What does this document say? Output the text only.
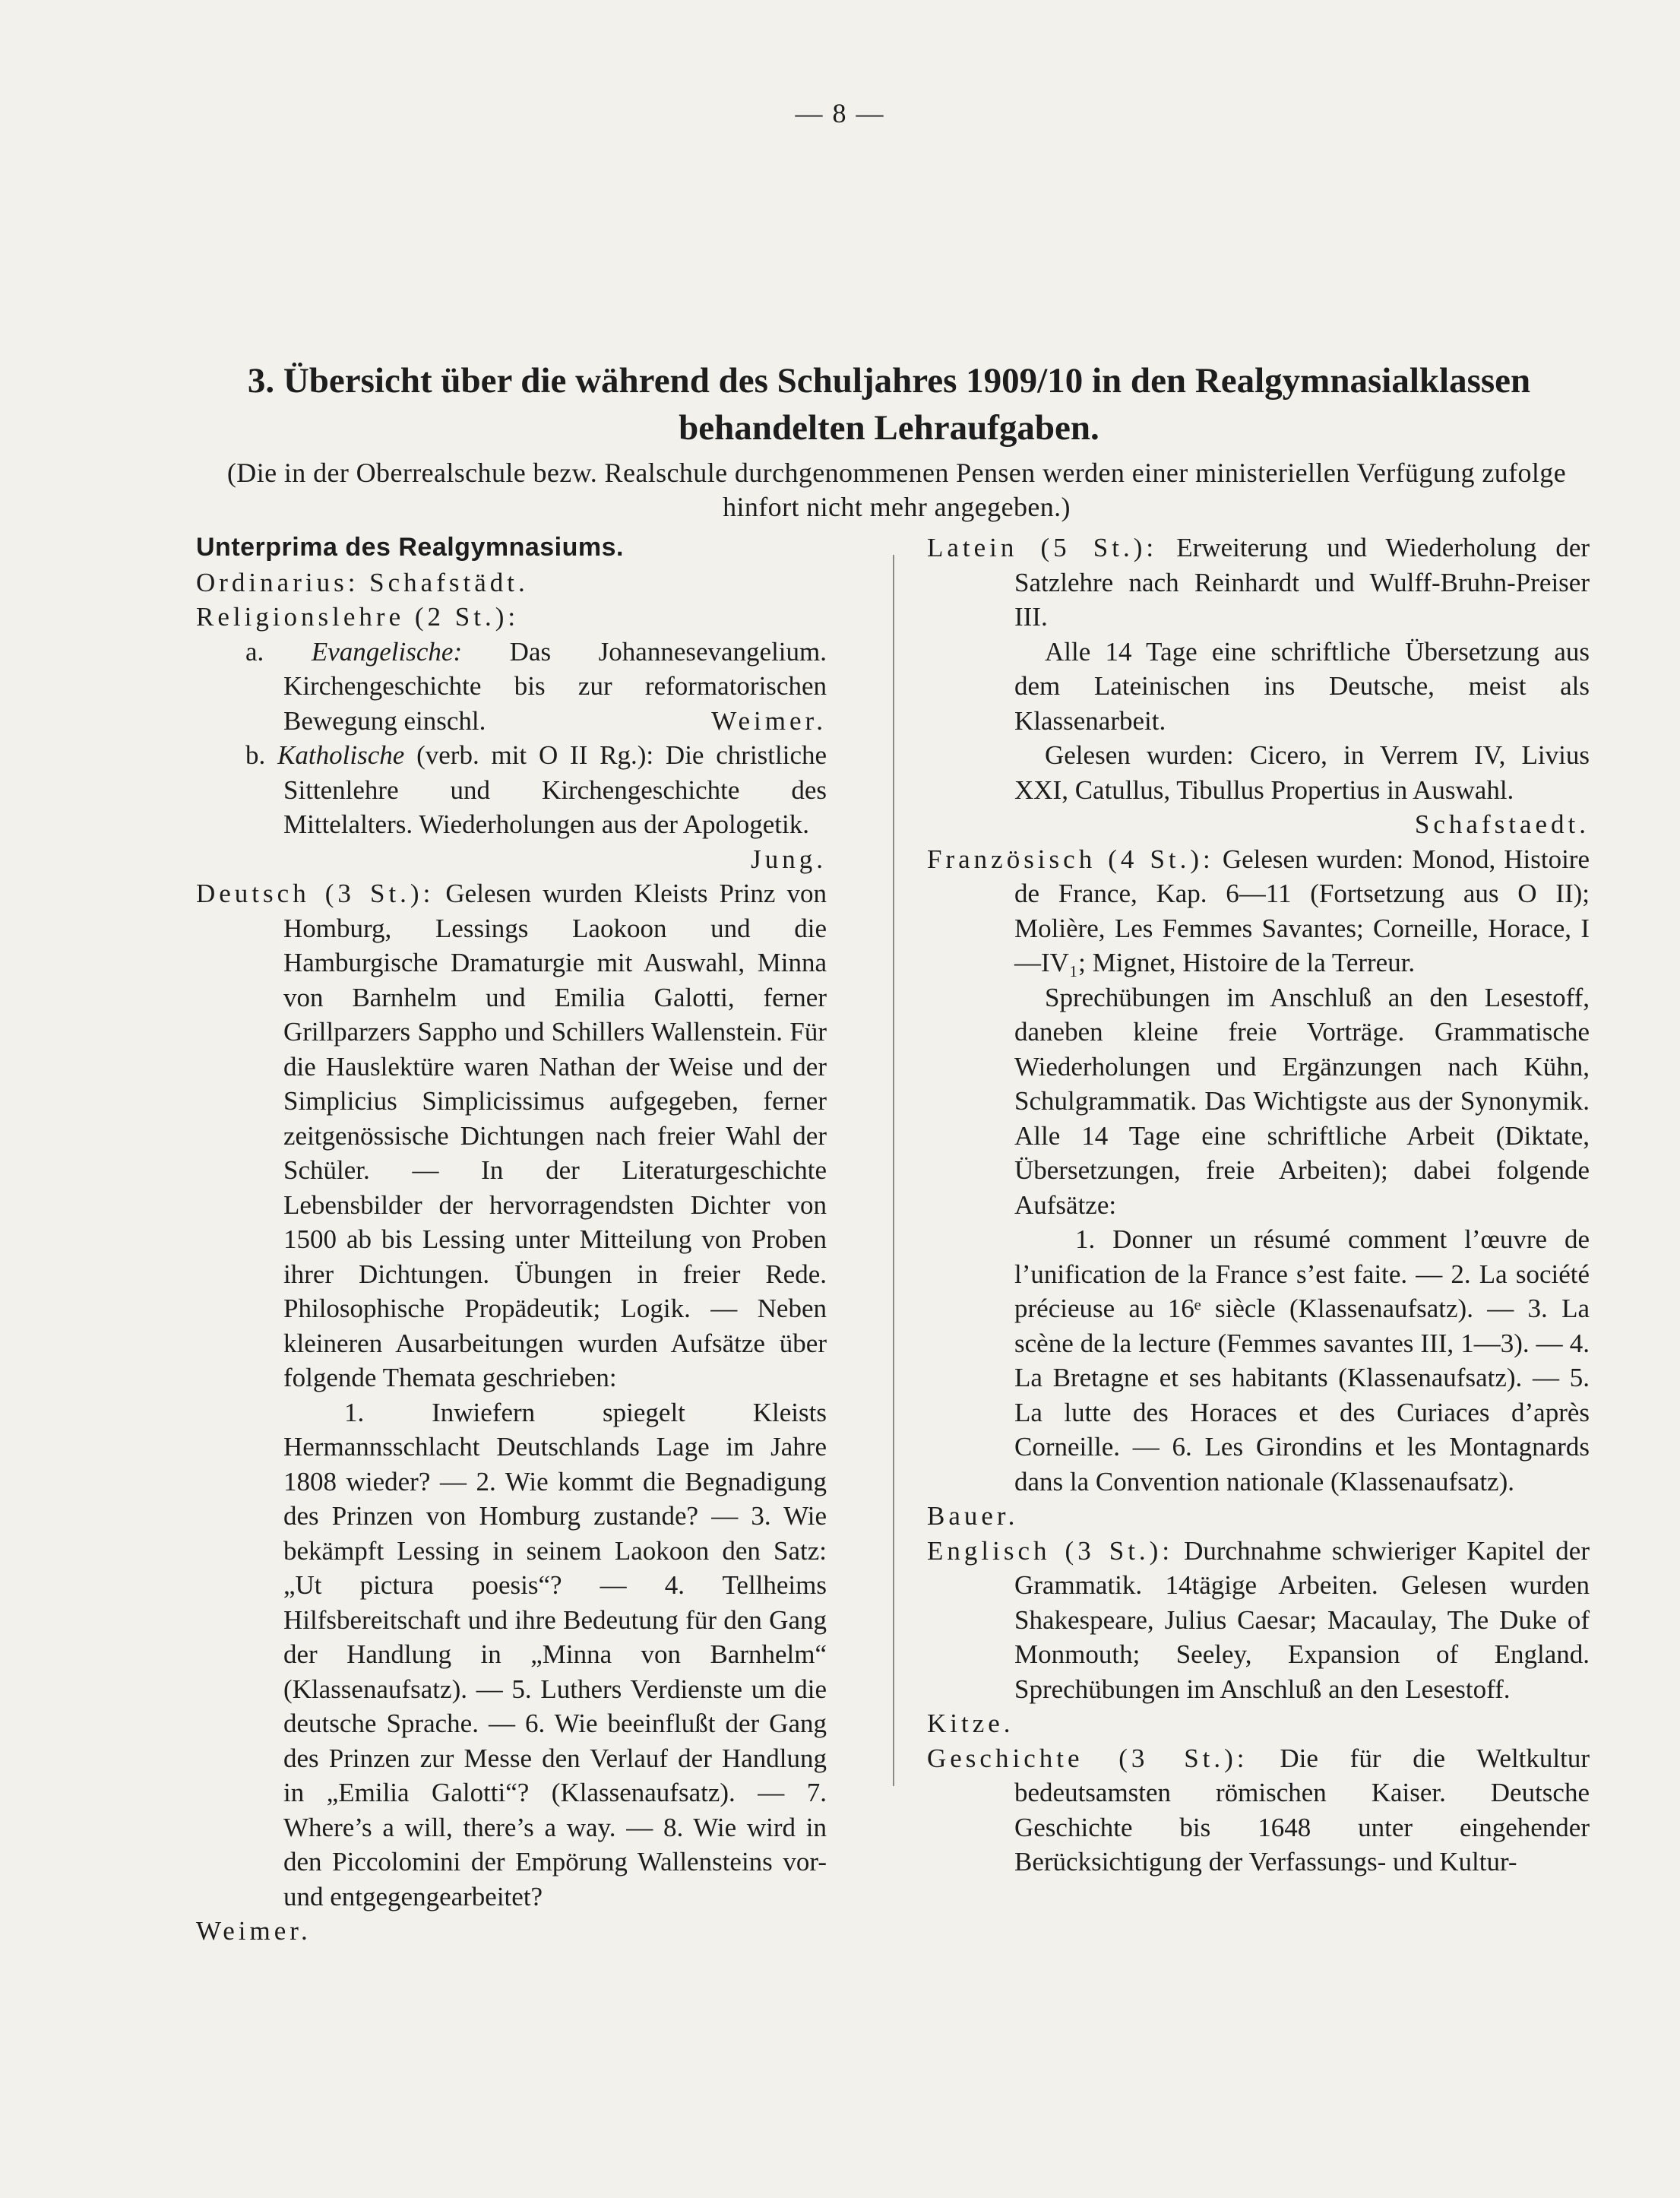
— 8 —
3. Übersicht über die während des Schuljahres 1909/10 in den Realgymnasialklassen
behandelten Lehraufgaben.
(Die in der Oberrealschule bezw. Realschule durchgenommenen Pensen werden einer ministeriellen Verfügung zufolge hinfort nicht mehr angegeben.)

Unterprima des Realgymnasiums.

Ordinarius: Schafstädt.

Religionslehre (2 St.):

a. Evangelische: Das Johannesevangelium. Kirchengeschichte bis zur reformatorischen Bewegung einschl.	Weimer.

b. Katholische (verb. mit O II Rg.): Die christliche Sittenlehre und Kirchengeschichte des Mittelalters. Wiederholungen aus der Apologetik.
Jung.

Deutsch (3 St.): Gelesen wurden Kleists Prinz von Homburg, Lessings Laokoon und die Hamburgische Dramaturgie mit Auswahl, Minna von Barnhelm und Emilia Galotti, ferner Grillparzers Sappho und Schillers Wallenstein. Für die Hauslektüre waren Nathan der Weise und der Simplicius Simplicissimus aufgegeben, ferner zeitgenössische Dichtungen nach freier Wahl der Schüler. — In der Literaturgeschichte Lebensbilder der hervorragendsten Dichter von 1500 ab bis Lessing unter Mitteilung von Proben ihrer Dichtungen. Übungen in freier Rede. Philosophische Propädeutik; Logik. — Neben kleineren Ausarbeitungen wurden Aufsätze über folgende Themata geschrieben:

1. Inwiefern spiegelt Kleists Hermannsschlacht Deutschlands Lage im Jahre 1808 wieder? — 2. Wie kommt die Begnadigung des Prinzen von Homburg zustande? — 3. Wie bekämpft Lessing in seinem Laokoon den Satz: „Ut pictura poesis“? — 4. Tellheims Hilfsbereitschaft und ihre Bedeutung für den Gang der Handlung in „Minna von Barnhelm“ (Klassenaufsatz). — 5. Luthers Verdienste um die deutsche Sprache. — 6. Wie beeinflußt der Gang des Prinzen zur Messe den Verlauf der Handlung in „Emilia Galotti“? (Klassenaufsatz). — 7. Where’s a will, there’s a way. — 8. Wie wird in den Piccolomini der Empörung Wallensteins vor- und entgegengearbeitet?

Weimer.

Latein (5 St.): Erweiterung und Wiederholung der Satzlehre nach Reinhardt und Wulff-Bruhn-Preiser III.

Alle 14 Tage eine schriftliche Übersetzung aus dem Lateinischen ins Deutsche, meist als Klassenarbeit.

Gelesen wurden: Cicero, in Verrem IV, Livius XXI, Catullus, Tibullus Propertius in Auswahl.
Schafstaedt.

Französisch (4 St.): Gelesen wurden: Monod, Histoire de France, Kap. 6—11 (Fortsetzung aus O II); Molière, Les Femmes Savantes; Corneille, Horace, I—IV₁; Mignet, Histoire de la Terreur.

Sprechübungen im Anschluß an den Lesestoff, daneben kleine freie Vorträge. Grammatische Wiederholungen und Ergänzungen nach Kühn, Schulgrammatik. Das Wichtigste aus der Synonymik. Alle 14 Tage eine schriftliche Arbeit (Diktate, Übersetzungen, freie Arbeiten); dabei folgende Aufsätze:

1. Donner un résumé comment l’œuvre de l’unification de la France s’est faite. — 2. La société précieuse au 16ᵉ siècle (Klassenaufsatz). — 3. La scène de la lecture (Femmes savantes III, 1—3). — 4. La Bretagne et ses habitants (Klassenaufsatz). — 5. La lutte des Horaces et des Curiaces d’après Corneille. — 6. Les Girondins et les Montagnards dans la Convention nationale (Klassenaufsatz).

Bauer.

Englisch (3 St.): Durchnahme schwieriger Kapitel der Grammatik. 14tägige Arbeiten. Gelesen wurden Shakespeare, Julius Caesar; Macaulay, The Duke of Monmouth; Seeley, Expansion of England. Sprechübungen im Anschluß an den Lesestoff.

Kitze.

Geschichte (3 St.): Die für die Weltkultur bedeutsamsten römischen Kaiser. Deutsche Geschichte bis 1648 unter eingehender Berücksichtigung der Verfassungs- und Kultur-
